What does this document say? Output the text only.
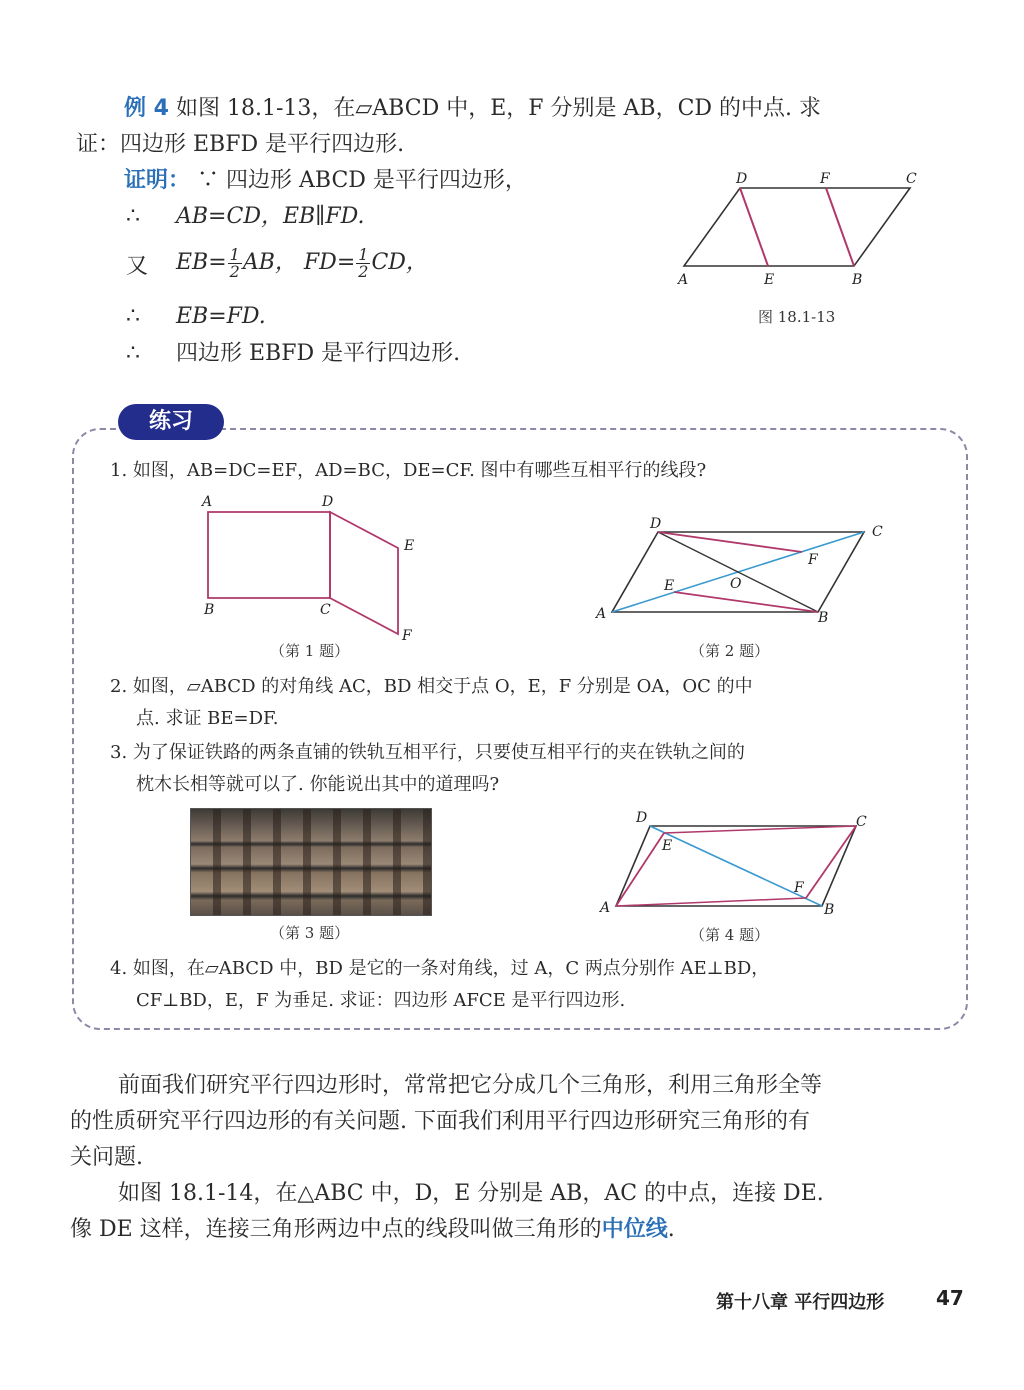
例 4 如图 18.1-13，在▱ABCD 中，E，F 分别是 AB，CD 的中点. 求
证：四边形 EBFD 是平行四边形.
证明： ∵ 四边形 ABCD 是平行四边形，
∴ AB=CD，EB∥FD.
又 $EB= \frac{1}{2}$ AB， $FD= \frac{1}{2}$ CD，
∴ EB=FD.
∴ 四边形 EBFD 是平行四边形.
D	F	C
A	E	B
图 18.1-13
练习
1. 如图，AB=DC=EF，AD=BC，DE=CF. 图中有哪些互相平行的线段?
A	D
E
B	C
F
（第 1 题）
D	C
F
E	O
A	B
（第 2 题）
2. 如图，▱ABCD 的对角线 AC，BD 相交于点 O，E，F 分别是 OA，OC 的中
点. 求证 BE=DF.
3. 为了保证铁路的两条直铺的铁轨互相平行，只要使互相平行的夹在铁轨之间的
枕木长相等就可以了. 你能说出其中的道理吗?
（第 3 题）
D	C
E
F
A	B
（第 4 题）
4. 如图，在▱ABCD 中，BD 是它的一条对角线，过 A，C 两点分别作 AE⊥BD，
CF⊥BD，E，F 为垂足. 求证：四边形 AFCE 是平行四边形.
前面我们研究平行四边形时，常常把它分成几个三角形，利用三角形全等
的性质研究平行四边形的有关问题. 下面我们利用平行四边形研究三角形的有
关问题.
如图 18.1-14，在△ABC 中，D，E 分别是 AB，AC 的中点，连接 DE.
像 DE 这样，连接三角形两边中点的线段叫做三角形的中位线.
第十八章 平行四边形	47
